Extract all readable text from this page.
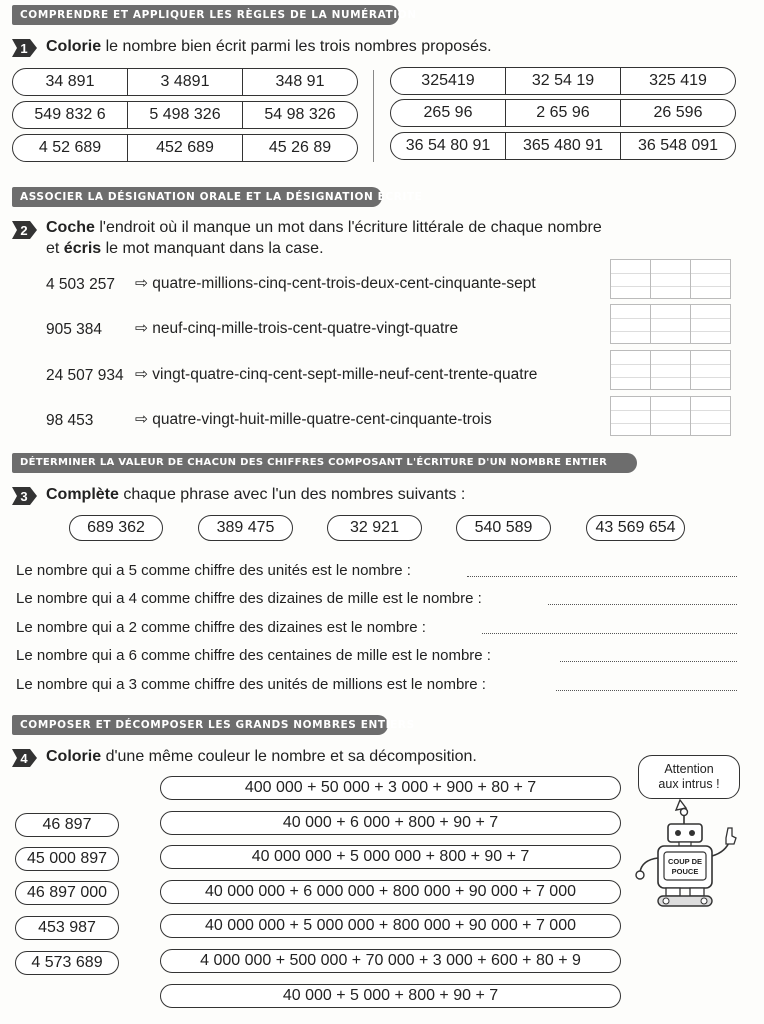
COMPRENDRE ET APPLIQUER LES RÈGLES DE LA NUMÉRATION
1 Colorie le nombre bien écrit parmi les trois nombres proposés.
34 891	3 4891	348 91
549 832 6	5 498 326	54 98 326
4 52 689	452 689	45 26 89
325419	32 54 19	325 419
265 96	2 65 96	26 596
36 54 80 91	365 480 91	36 548 091
ASSOCIER LA DÉSIGNATION ORALE ET LA DÉSIGNATION ÉCRITE
2 Coche l'endroit où il manque un mot dans l'écriture littérale de chaque nombre
et écris le mot manquant dans la case.
4 503 257 ⇨ quatre-millions-cinq-cent-trois-deux-cent-cinquante-sept
905 384 ⇨ neuf-cinq-mille-trois-cent-quatre-vingt-quatre
24 507 934 ⇨ vingt-quatre-cinq-cent-sept-mille-neuf-cent-trente-quatre
98 453	⇨ quatre-vingt-huit-mille-quatre-cent-cinquante-trois
DÉTERMINER LA VALEUR DE CHACUN DES CHIFFRES COMPOSANT L'ÉCRITURE D'UN NOMBRE ENTIER
3 Complète chaque phrase avec l'un des nombres suivants :
689 362	389 475	32 921	540 589	43 569 654
Le nombre qui a 5 comme chiffre des unités est le nombre :
Le nombre qui a 4 comme chiffre des dizaines de mille est le nombre :
Le nombre qui a 2 comme chiffre des dizaines est le nombre :
Le nombre qui a 6 comme chiffre des centaines de mille est le nombre :
Le nombre qui a 3 comme chiffre des unités de millions est le nombre :
COMPOSER ET DÉCOMPOSER LES GRANDS NOMBRES ENTIERS
4 Colorie d'une même couleur le nombre et sa décomposition.
400 000 + 50 000 + 3 000 + 900 + 80 + 7
46 897	40 000 + 6 000 + 800 + 90 + 7
45 000 897	40 000 000 + 5 000 000 + 800 + 90 + 7
46 897 000	40 000 000 + 6 000 000 + 800 000 + 90 000 + 7 000
453 987	40 000 000 + 5 000 000 + 800 000 + 90 000 + 7 000
4 573 689	4 000 000 + 500 000 + 70 000 + 3 000 + 600 + 80 + 9
40 000 + 5 000 + 800 + 90 + 7
Attention
aux intrus !
COUP DE
POUCE
